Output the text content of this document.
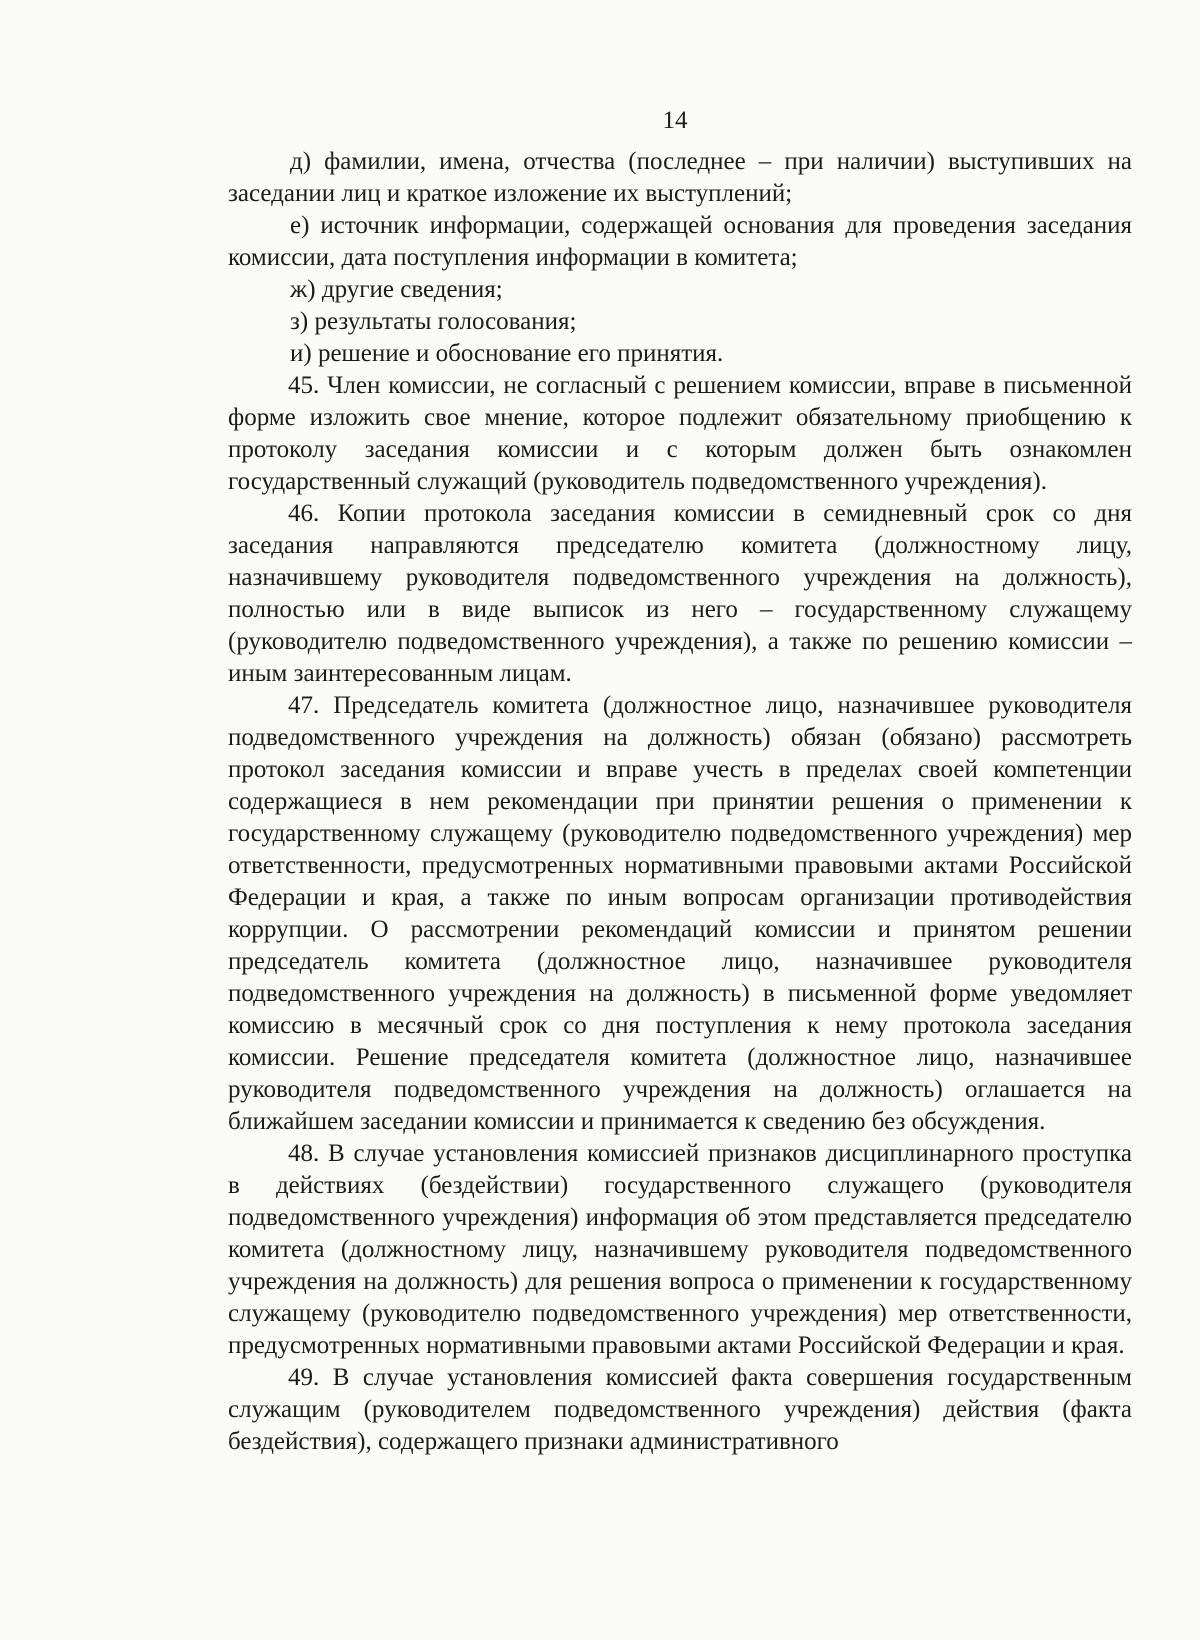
14

д) фамилии, имена, отчества (последнее – при наличии) выступивших на заседании лиц и краткое изложение их выступлений;

е) источник информации, содержащей основания для проведения заседания комиссии, дата поступления информации в комитета;

ж) другие сведения;

з) результаты голосования;

и) решение и обоснование его принятия.

45. Член комиссии, не согласный с решением комиссии, вправе в письменной форме изложить свое мнение, которое подлежит обязательному приобщению к протоколу заседания комиссии и с которым должен быть ознакомлен государственный служащий (руководитель подведомственного учреждения).

46. Копии протокола заседания комиссии в семидневный срок со дня заседания направляются председателю комитета (должностному лицу, назначившему руководителя подведомственного учреждения на должность), полностью или в виде выписок из него – государственному служащему (руководителю подведомственного учреждения), а также по решению комиссии – иным заинтересованным лицам.

47. Председатель комитета (должностное лицо, назначившее руководителя подведомственного учреждения на должность) обязан (обязано) рассмотреть протокол заседания комиссии и вправе учесть в пределах своей компетенции содержащиеся в нем рекомендации при принятии решения о применении к государственному служащему (руководителю подведомственного учреждения) мер ответственности, предусмотренных нормативными правовыми актами Российской Федерации и края, а также по иным вопросам организации противодействия коррупции. О рассмотрении рекомендаций комиссии и принятом решении председатель комитета (должностное лицо, назначившее руководителя подведомственного учреждения на должность) в письменной форме уведомляет комиссию в месячный срок со дня поступления к нему протокола заседания комиссии. Решение председателя комитета (должностное лицо, назначившее руководителя подведомственного учреждения на должность) оглашается на ближайшем заседании комиссии и принимается к сведению без обсуждения.

48. В случае установления комиссией признаков дисциплинарного проступка в действиях (бездействии) государственного служащего (руководителя подведомственного учреждения) информация об этом представляется председателю комитета (должностному лицу, назначившему руководителя подведомственного учреждения на должность) для решения вопроса о применении к государственному служащему (руководителю подведомственного учреждения) мер ответственности, предусмотренных нормативными правовыми актами Российской Федерации и края.

49. В случае установления комиссией факта совершения государственным служащим (руководителем подведомственного учреждения) действия (факта бездействия), содержащего признаки административного
